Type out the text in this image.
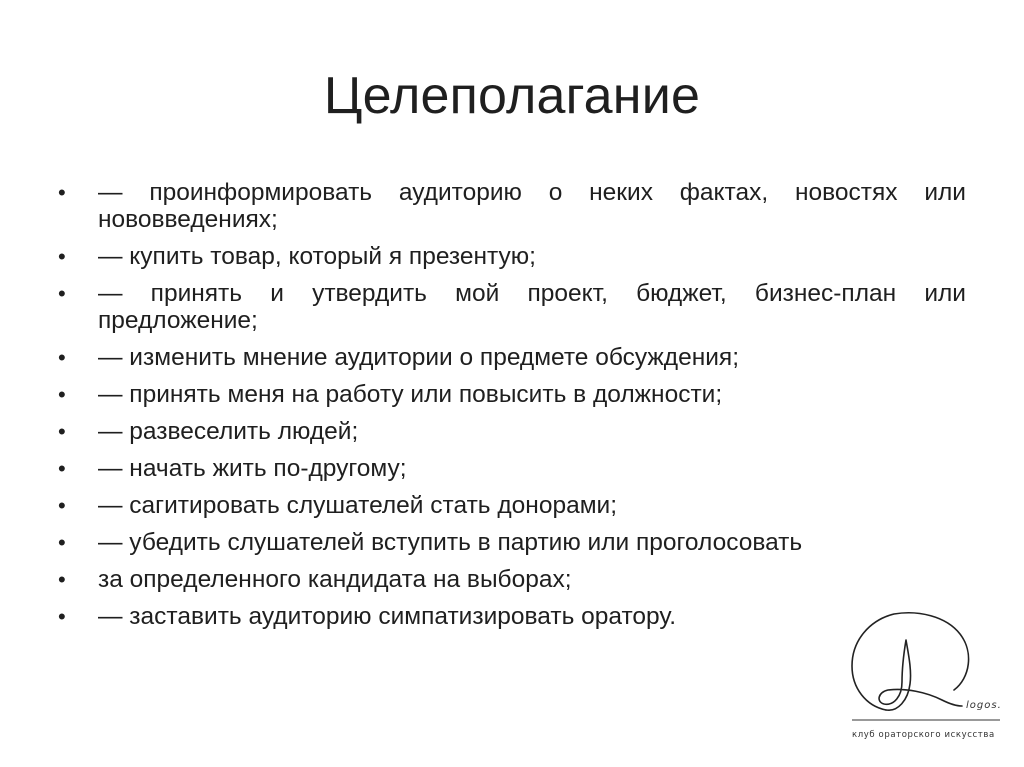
Целеполагание
•	— проинформировать аудиторию о неких фактах, новостях или нововведениях;
•	— купить товар, который я презентую;
•	— принять и утвердить мой проект, бюджет, бизнес-план или предложение;
•	— изменить мнение аудитории о предмете обсуждения;
•	— принять меня на работу или повысить в должности;
•	— развеселить людей;
•	— начать жить по-другому;
•	— сагитировать слушателей стать донорами;
•	— убедить слушателей вступить в партию или проголосовать
•	за определенного кандидата на выборах;
•	— заставить аудиторию симпатизировать оратору.
logos.
клуб ораторского искусства
